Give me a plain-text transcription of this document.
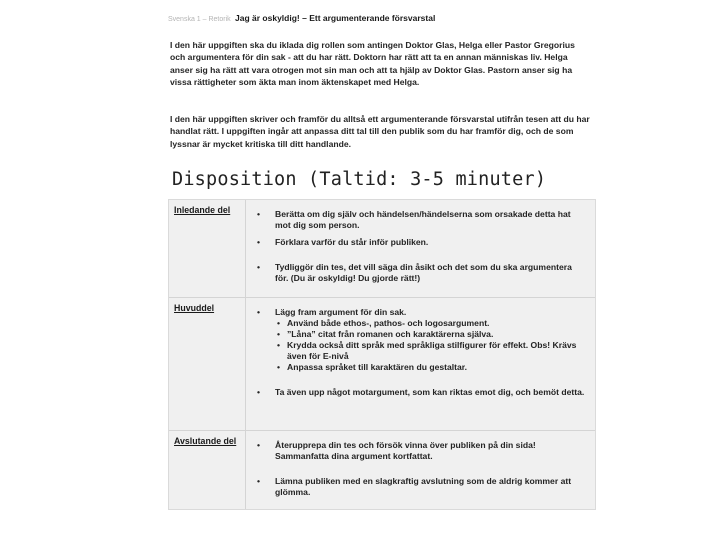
Svenska 1 – Retorik Jag är oskyldig! – Ett argumenterande försvarstal
I den här uppgiften ska du iklada dig rollen som antingen Doktor Glas, Helga eller Pastor Gregorius och argumentera för din sak - att du har rätt. Doktorn har rätt att ta en annan människas liv. Helga anser sig ha rätt att vara otrogen mot sin man och att ta hjälp av Doktor Glas. Pastorn anser sig ha vissa rättigheter som äkta man inom äktenskapet med Helga.
I den här uppgiften skriver och framför du alltså ett argumenterande försvarstal utifrån tesen att du har handlat rätt. I uppgiften ingår att anpassa ditt tal till den publik som du har framför dig, och de som lyssnar är mycket kritiska till ditt handlande.
Disposition (Taltid: 3-5 minuter)
Inledande del	• Berätta om dig själv och händelsen/händelserna som orsakade detta hat mot dig som person.

• Förklara varför du står inför publiken.

• Tydliggör din tes, det vill säga din åsikt och det som du ska argumentera för. (Du är oskyldig! Du gjorde rätt!)

Huvuddel	• Lägg fram argument för din sak.

• Använd både ethos-, pathos- och logosargument.

• ”Låna” citat från romanen och karaktärerna själva.

• Krydda också ditt språk med språkliga stilfigurer för effekt. Obs! Krävs även för E-nivå

• Anpassa språket till karaktären du gestaltar.

• Ta även upp något motargument, som kan riktas emot dig, och bemöt detta.

Avslutande del	• Återupprepa din tes och försök vinna över publiken på din sida! Sammanfatta dina argument kortfattat.

• Lämna publiken med en slagkraftig avslutning som de aldrig kommer att glömma.
